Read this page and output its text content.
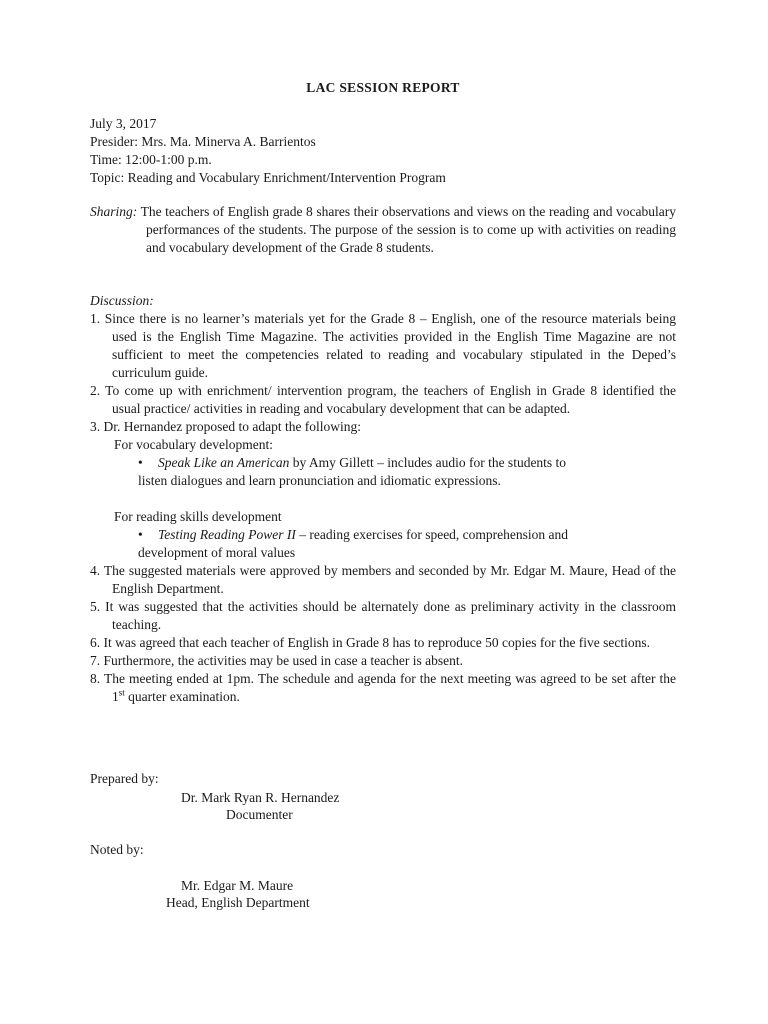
LAC SESSION REPORT
July 3, 2017
Presider: Mrs. Ma. Minerva A. Barrientos
Time: 12:00-1:00 p.m.
Topic: Reading and Vocabulary Enrichment/Intervention Program

Sharing: The teachers of English grade 8 shares their observations and views on the reading and vocabulary performances of the students. The purpose of the session is to come up with activities on reading and vocabulary development of the Grade 8 students.

Discussion:

1. Since there is no learner’s materials yet for the Grade 8 – English, one of the resource materials being used is the English Time Magazine. The activities provided in the English Time Magazine are not sufficient to meet the competencies related to reading and vocabulary stipulated in the Deped’s curriculum guide.

2. To come up with enrichment/ intervention program, the teachers of English in Grade 8 identified the usual practice/ activities in reading and vocabulary development that can be adapted.

3. Dr. Hernandez proposed to adapt the following:

For vocabulary development:

• Speak Like an American by Amy Gillett – includes audio for the students to

listen dialogues and learn pronunciation and idiomatic expressions.

For reading skills development

• Testing Reading Power II – reading exercises for speed, comprehension and

development of moral values

4. The suggested materials were approved by members and seconded by Mr. Edgar M. Maure, Head of the English Department.

5. It was suggested that the activities should be alternately done as preliminary activity in the classroom teaching.

6. It was agreed that each teacher of English in Grade 8 has to reproduce 50 copies for the five sections.

7. Furthermore, the activities may be used in case a teacher is absent.

8. The meeting ended at 1pm. The schedule and agenda for the next meeting was agreed to be set after the 1st quarter examination.

Prepared by:
Dr. Mark Ryan R. Hernandez
Documenter
Noted by:
Mr. Edgar M. Maure
Head, English Department
